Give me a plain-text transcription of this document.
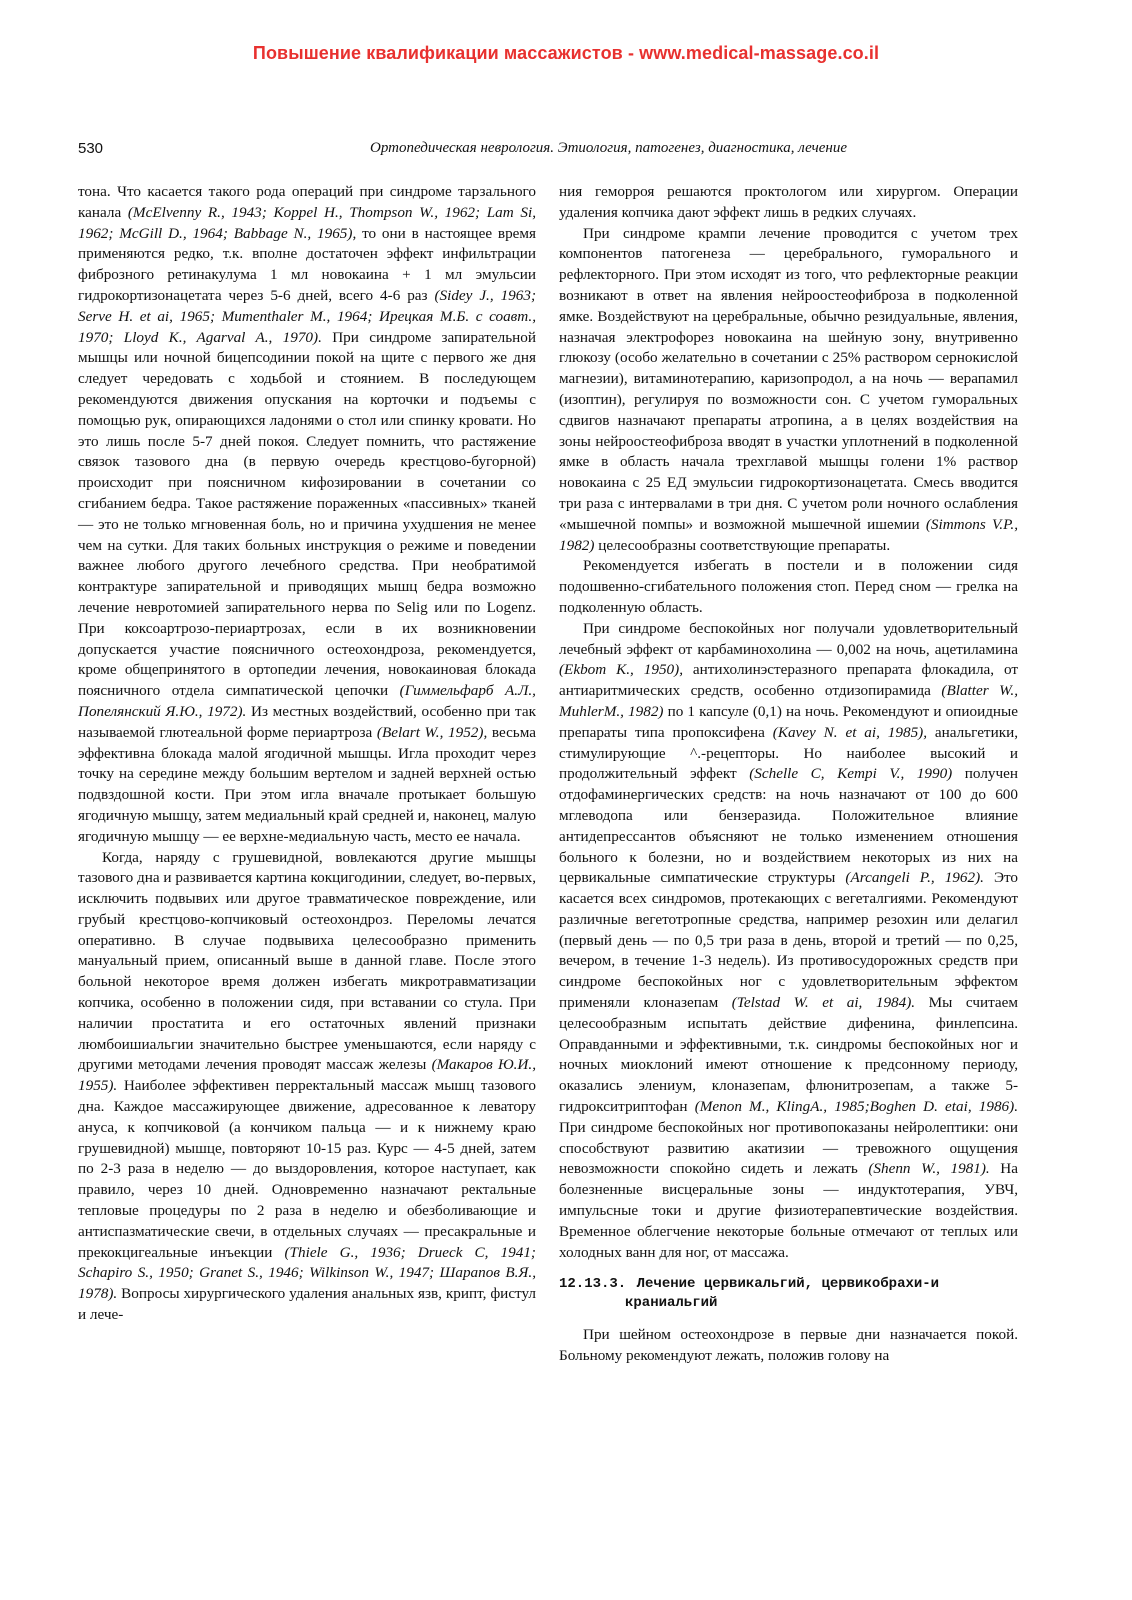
Повышение квалификации массажистов - www.medical-massage.co.il
530	Ортопедическая неврология. Этиология, патогенез, диагностика, лечение

тона. Что касается такого рода операций при синдроме тарзального канала (McElvenny R., 1943; Koppel H., Thompson W., 1962; Lam Si, 1962; McGill D., 1964; Babbage N., 1965), то они в настоящее время применяются редко, т.к. вполне достаточен эффект инфильтрации фиброзного ретинакулума 1 мл новокаина + 1 мл эмульсии гидрокортизонацетата через 5-6 дней, всего 4-6 раз (Sidey J., 1963; Serve H. et ai, 1965; Mumenthaler M., 1964; Ирецкая М.Б. с соавт., 1970; Lloyd K., Agarval A., 1970). При синдроме запирательной мышцы или ночной бицепсодинии покой на щите с первого же дня следует чередовать с ходьбой и стоянием. В последующем рекомендуются движения опускания на корточки и подъемы с помощью рук, опирающихся ладонями о стол или спинку кровати. Но это лишь после 5-7 дней покоя. Следует помнить, что растяжение связок тазового дна (в первую очередь крестцово-бугорной) происходит при поясничном кифозировании в сочетании со сгибанием бедра. Такое растяжение пораженных «пассивных» тканей — это не только мгновенная боль, но и причина ухудшения не менее чем на сутки. Для таких больных инструкция о режиме и поведении важнее любого другого лечебного средства. При необратимой контрактуре запирательной и приводящих мышц бедра возможно лечение невротомией запирательного нерва по Selig или по Logenz. При коксоартрозо-периартрозах, если в их возникновении допускается участие поясничного остеохондроза, рекомендуется, кроме общепринятого в ортопедии лечения, новокаиновая блокада поясничного отдела симпатической цепочки (Гиммельфарб А.Л., Попелянский Я.Ю., 1972). Из местных воздействий, особенно при так называемой глютеальной форме периартроза (Belart W., 1952), весьма эффективна блокада малой ягодичной мышцы. Игла проходит через точку на середине между большим вертелом и задней верхней остью подвздошной кости. При этом игла вначале протыкает большую ягодичную мышцу, затем медиальный край средней и, наконец, малую ягодичную мышцу — ее верхне-медиальную часть, место ее начала.

Когда, наряду с грушевидной, вовлекаются другие мышцы тазового дна и развивается картина кокцигодинии, следует, во-первых, исключить подвывих или другое травматическое повреждение, или грубый крестцово-копчиковый остеохондроз. Переломы лечатся оперативно. В случае подвывиха целесообразно применить мануальный прием, описанный выше в данной главе. После этого больной некоторое время должен избегать микротравматизации копчика, особенно в положении сидя, при вставании со стула. При наличии простатита и его остаточных явлений признаки люмбоишиальгии значительно быстрее уменьшаются, если наряду с другими методами лечения проводят массаж железы (Макаров Ю.И., 1955). Наиболее эффективен перректальный массаж мышц тазового дна. Каждое массажирующее движение, адресованное к леватору ануса, к копчиковой (а кончиком пальца — и к нижнему краю грушевидной) мышце, повторяют 10-15 раз. Курс — 4-5 дней, затем по 2-3 раза в неделю — до выздоровления, которое наступает, как правило, через 10 дней. Одновременно назначают ректальные тепловые процедуры по 2 раза в неделю и обезболивающие и антиспазматические свечи, в отдельных случаях — пресакральные и прекокцигеальные инъекции (Thiele G., 1936; Drueck C, 1941; Schapiro S., 1950; Granet S., 1946; Wilkinson W., 1947; Шарапов В.Я., 1978). Вопросы хирургического удаления анальных язв, крипт, фистул и лече-

ния геморроя решаются проктологом или хирургом. Операции удаления копчика дают эффект лишь в редких случаях.

При синдроме крампи лечение проводится с учетом трех компонентов патогенеза — церебрального, гуморального и рефлекторного. При этом исходят из того, что рефлекторные реакции возникают в ответ на явления нейроостеофиброза в подколенной ямке. Воздействуют на церебральные, обычно резидуальные, явления, назначая электрофорез новокаина на шейную зону, внутривенно глюкозу (особо желательно в сочетании с 25% раствором сернокислой магнезии), витаминотерапию, каризопродол, а на ночь — верапамил (изоптин), регулируя по возможности сон. С учетом гуморальных сдвигов назначают препараты атропина, а в целях воздействия на зоны нейроостеофиброза вводят в участки уплотнений в подколенной ямке в область начала трехглавой мышцы голени 1% раствор новокаина с 25 ЕД эмульсии гидрокортизонацетата. Смесь вводится три раза с интервалами в три дня. С учетом роли ночного ослабления «мышечной помпы» и возможной мышечной ишемии (Simmons V.P., 1982) целесообразны соответствующие препараты.

Рекомендуется избегать в постели и в положении сидя подошвенно-сгибательного положения стоп. Перед сном — грелка на подколенную область.

При синдроме беспокойных ног получали удовлетворительный лечебный эффект от карбаминохолина — 0,002 на ночь, ацетиламина (Ekbom K., 1950), антихолинэстеразного препарата флокадила, от антиаритмических средств, особенно отдизопирамида (Blatter W., MuhlerM., 1982) по 1 капсуле (0,1) на ночь. Рекомендуют и опиоидные препараты типа пропоксифена (Kavey N. et ai, 1985), анальгетики, стимулирующие ^.-рецепторы. Но наиболее высокий и продолжительный эффект (Schelle C, Kempi V., 1990) получен отдофаминергических средств: на ночь назначают от 100 до 600 мглеводопа или бензеразида. Положительное влияние антидепрессантов объясняют не только изменением отношения больного к болезни, но и воздействием некоторых из них на цервикальные симпатические структуры (Arcangeli P., 1962). Это касается всех синдромов, протекающих с вегеталгиями. Рекомендуют различные вегетотропные средства, например резохин или делагил (первый день — по 0,5 три раза в день, второй и третий — по 0,25, вечером, в течение 1-3 недель). Из противосудорожных средств при синдроме беспокойных ног с удовлетворительным эффектом применяли клоназепам (Telstad W. et ai, 1984). Мы считаем целесообразным испытать действие дифенина, финлепсина. Оправданными и эффективными, т.к. синдромы беспокойных ног и ночных миоклоний имеют отношение к предсонному периоду, оказались элениум, клоназепам, флюнитрозепам, а также 5-гидрокситриптофан (Menon M., KlingA., 1985;Boghen D. etai, 1986). При синдроме беспокойных ног противопоказаны нейролептики: они способствуют развитию акатизии — тревожного ощущения невозможности спокойно сидеть и лежать (Shenn W., 1981). На болезненные висцеральные зоны — индуктотерапия, УВЧ, импульсные токи и другие физиотерапевтические воздействия. Временное облегчение некоторые больные отмечают от теплых или холодных ванн для ног, от массажа.

12.13.3. Лечение цервикальгий, цервикобрахи-и
краниальгий

При шейном остеохондрозе в первые дни назначается покой. Больному рекомендуют лежать, положив голову на
